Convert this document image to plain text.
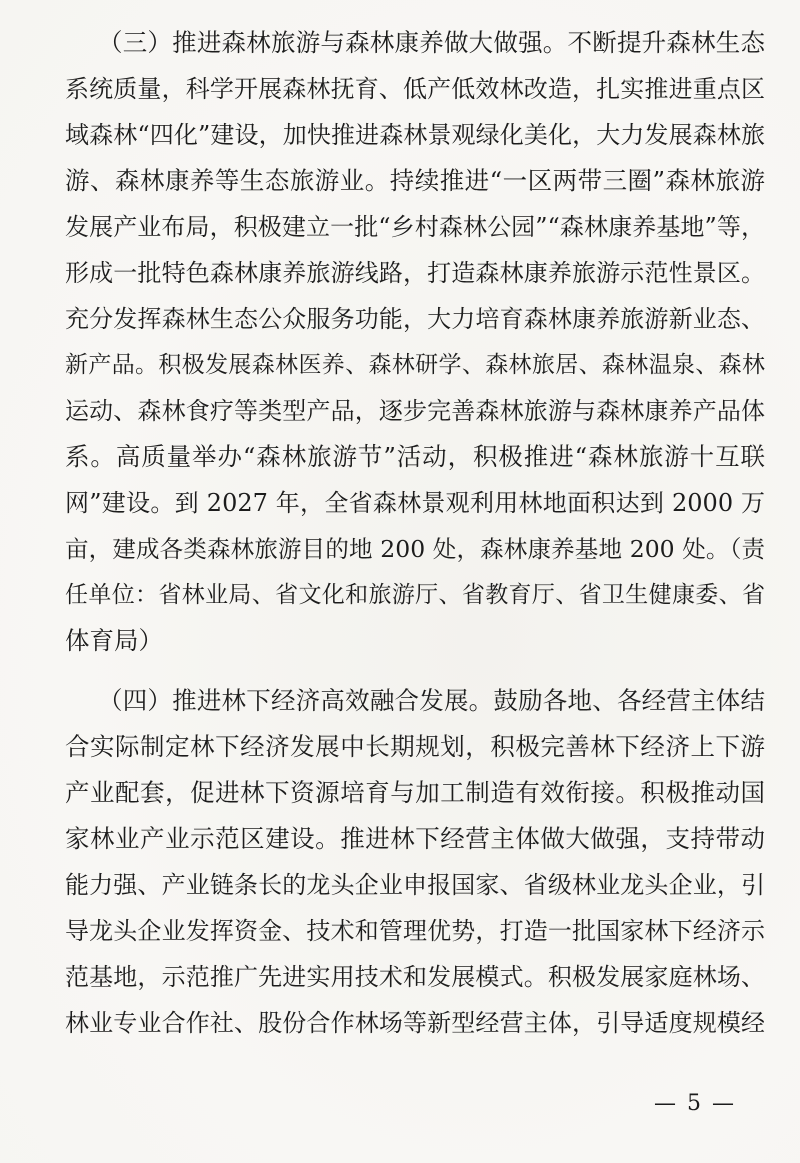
（三）推进森林旅游与森林康养做大做强。不断提升森林生态
系统质量，科学开展森林抚育、低产低效林改造，扎实推进重点区
域森林“四化”建设，加快推进森林景观绿化美化，大力发展森林旅
游、森林康养等生态旅游业。持续推进“一区两带三圈”森林旅游
发展产业布局，积极建立一批“乡村森林公园”“森林康养基地”等，
形成一批特色森林康养旅游线路，打造森林康养旅游示范性景区。
充分发挥森林生态公众服务功能，大力培育森林康养旅游新业态、
新产品。积极发展森林医养、森林研学、森林旅居、森林温泉、森林
运动、森林食疗等类型产品，逐步完善森林旅游与森林康养产品体
系。高质量举办“森林旅游节”活动，积极推进“森林旅游十互联
网”建设。到 2027 年，全省森林景观利用林地面积达到 2000 万
亩，建成各类森林旅游目的地 200 处，森林康养基地 200 处。（责
任单位：省林业局、省文化和旅游厅、省教育厅、省卫生健康委、省
体育局）
（四）推进林下经济高效融合发展。鼓励各地、各经营主体结
合实际制定林下经济发展中长期规划，积极完善林下经济上下游
产业配套，促进林下资源培育与加工制造有效衔接。积极推动国
家林业产业示范区建设。推进林下经营主体做大做强，支持带动
能力强、产业链条长的龙头企业申报国家、省级林业龙头企业，引
导龙头企业发挥资金、技术和管理优势，打造一批国家林下经济示
范基地，示范推广先进实用技术和发展模式。积极发展家庭林场、
林业专业合作社、股份合作林场等新型经营主体，引导适度规模经
— 5 —
